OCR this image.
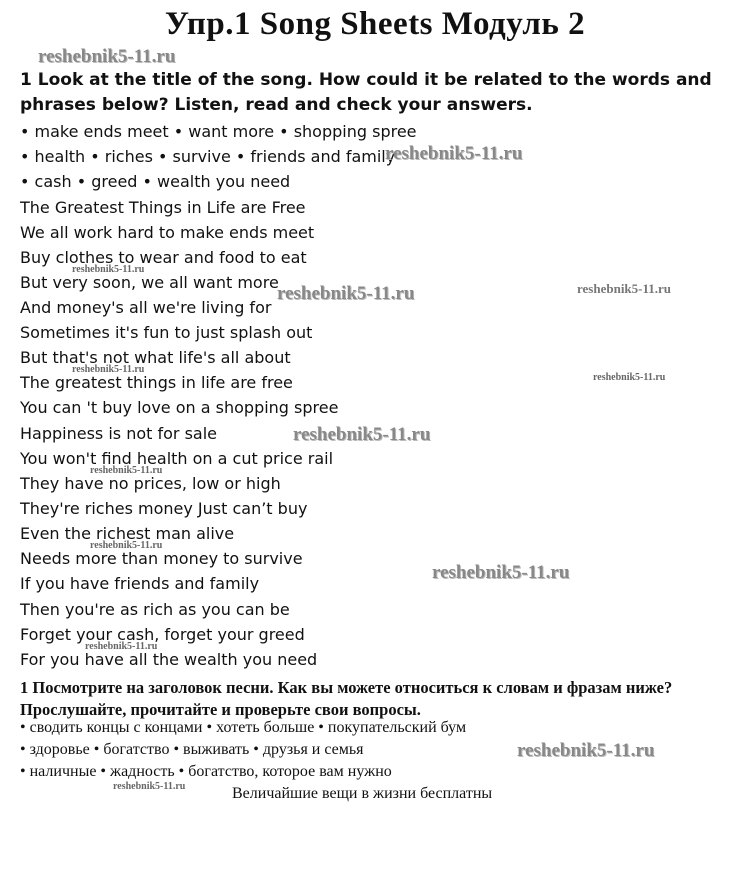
Упр.1 Song Sheets Модуль 2
1 Look at the title of the song. How could it be related to the words and phrases below? Listen, read and check your answers.
• make ends meet • want more • shopping spree
• health • riches • survive • friends and family
• cash • greed • wealth you need
The Greatest Things in Life are Free
We all work hard to make ends meet
Buy clothes to wear and food to eat
But very soon, we all want more
And money's all we're living for
Sometimes it's fun to just splash out
But that's not what life's all about
The greatest things in life are free
You can 't buy love on a shopping spree
Happiness is not for sale
You won't find health on a cut price rail
They have no prices, low or high
They're riches money Just can’t buy
Even the richest man alive
Needs more than money to survive
If you have friends and family
Then you're as rich as you can be
Forget your cash, forget your greed
For you have all the wealth you need
1 Посмотрите на заголовок песни. Как вы можете относиться к словам и фразам ниже? Прослушайте, прочитайте и проверьте свои вопросы.
• сводить концы с концами • хотеть больше • покупательский бум
• здоровье • богатство • выживать • друзья и семья
• наличные • жадность • богатство, которое вам нужно
Величайшие вещи в жизни бесплатны
reshebnik5-11.ru
reshebnik5-11.ru
reshebnik5-11.ru
reshebnik5-11.ru	reshebnik5-11.ru
reshebnik5-11.ru
reshebnik5-11.ru
reshebnik5-11.ru
reshebnik5-11.ru
reshebnik5-11.ru
reshebnik5-11.ru
reshebnik5-11.ru
reshebnik5-11.ru
reshebnik5-11.ru
